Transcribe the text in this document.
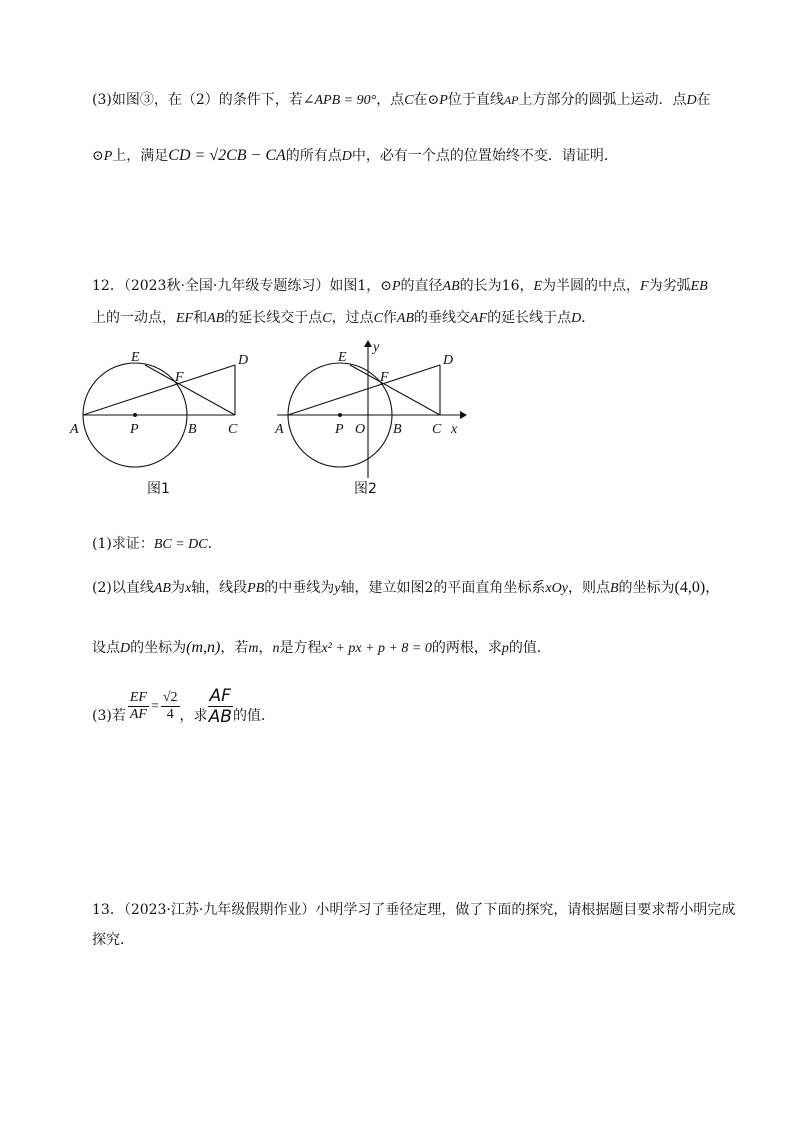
(3)如图③，在（2）的条件下，若∠APB = 90°，点C在⊙P位于直线AP上方部分的圆弧上运动．点D在
⊙P上，满足CD = √2CB − CA的所有点D中，必有一个点的位置始终不变．请证明．
12．（2023秋·全国·九年级专题练习）如图1，⊙P的直径AB的长为16，E为半圆的中点，F为劣弧EB
上的一动点，EF和AB的延长线交于点C，过点C作AB的垂线交AF的延长线于点D．
E
F
D
A	P	B C
图1
y
E
F
D
A	P O B C x
图2
(1)求证：BC = DC．
(2)以直线AB为x轴，线段PB的中垂线为y轴，建立如图2的平面直角坐标系xOy，则点B的坐标为(4,0)，
设点D的坐标为(m,n)，若m，n是方程x² + px + p + 8 = 0的两根，求p的值．
(3)若 $\frac{EF}{AF} = \frac{√2}{4}$ ，求 $\frac{AF}{AB}$ 的值．
13．（2023·江苏·九年级假期作业）小明学习了垂径定理，做了下面的探究，请根据题目要求帮小明完成
探究．
